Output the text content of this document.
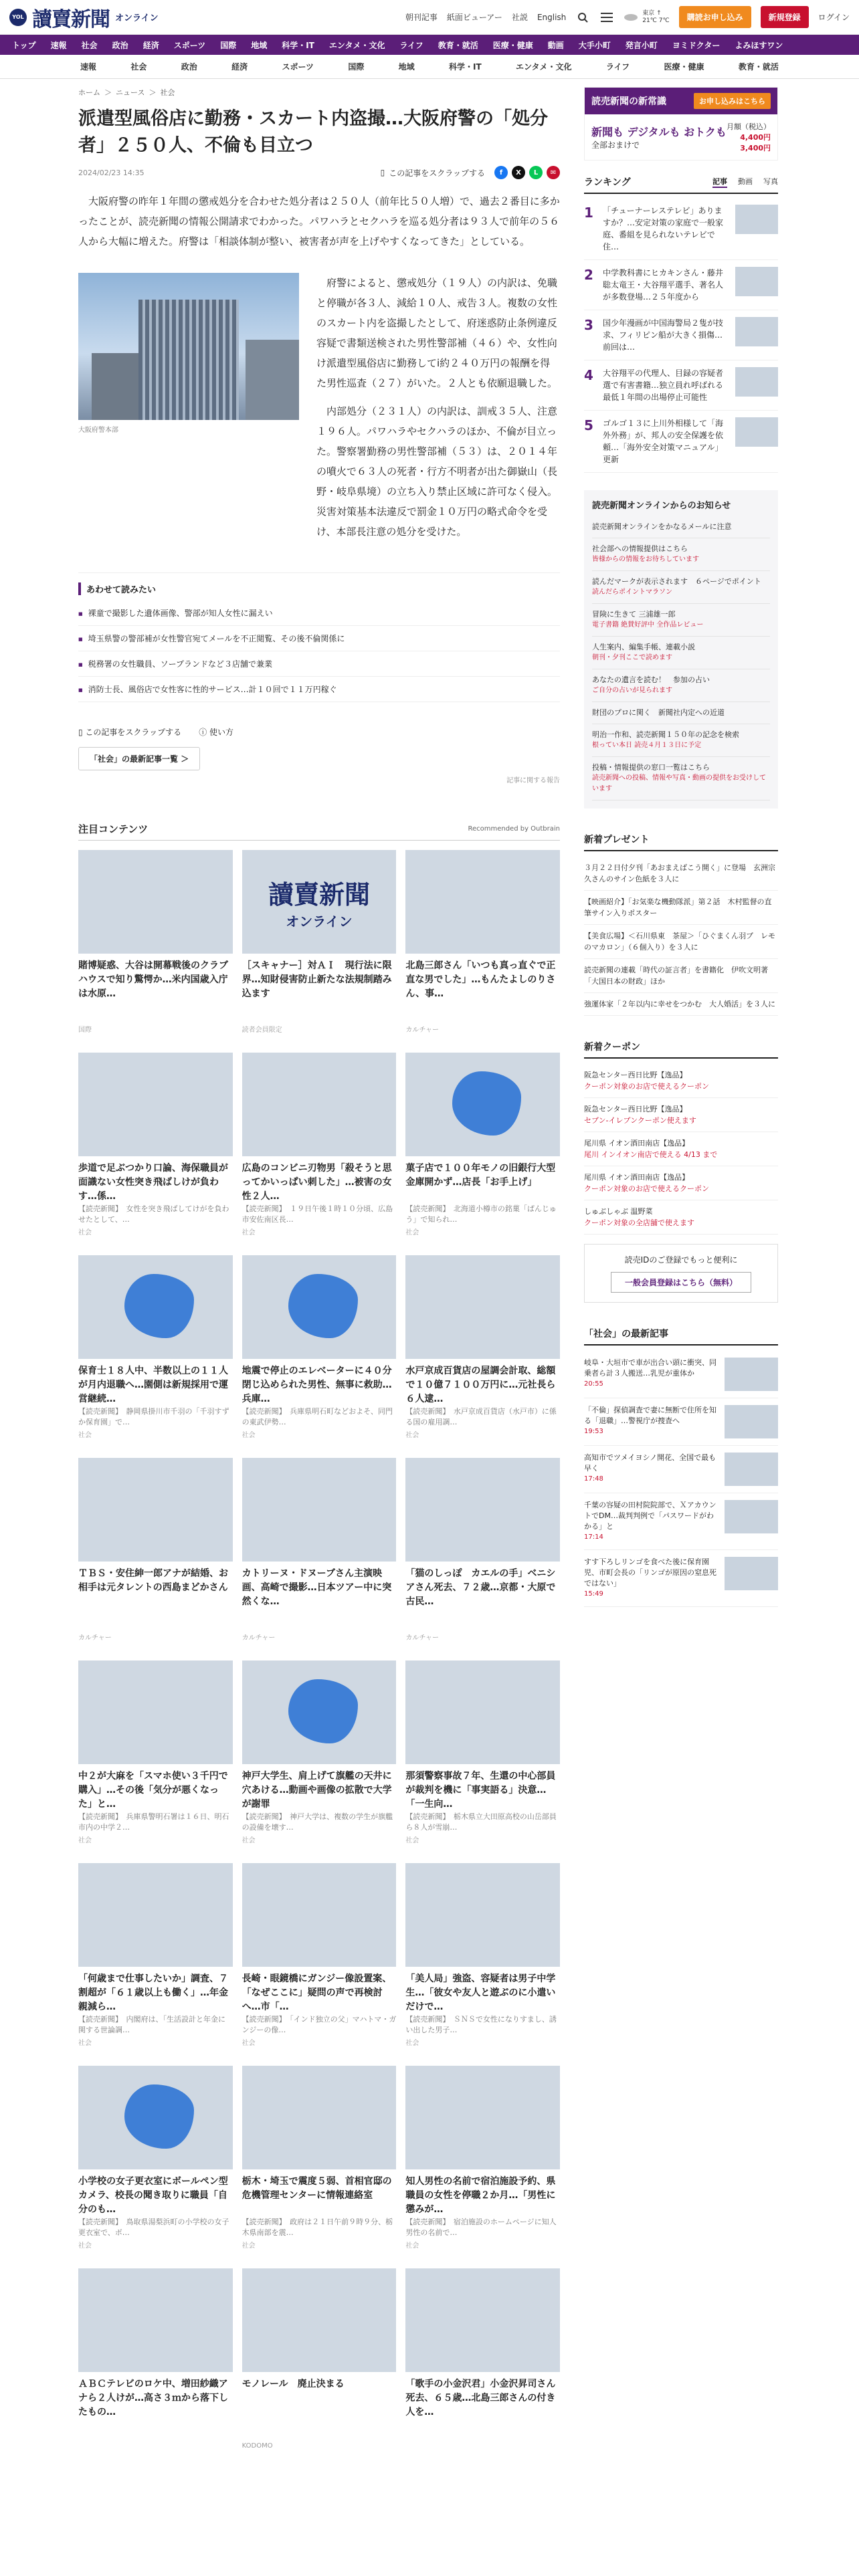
YOL 讀賣新聞 オンライン	朝刊記事 紙面ビューアー 社説 English	東京 ↑
21℃ 7℃	購読お申し込み	新規登録	ログイン
トップ 速報 社会 政治 経済 スポーツ 国際 地域 科学・IT エンタメ・文化 ライフ 教育・就活 医療・健康 動画 大手小町 発言小町 ヨミドクター よみほすワン
速報	社会	政治	経済	スポーツ	国際	地域	科学・IT	エンタメ・文化	ライフ	医療・健康	教育・就活
ホーム ＞ ニュース ＞ 社会
派遣型風俗店に勤務・スカート内盗撮…大阪府警の「処分者」２５０人、不倫も目立つ
2024/02/23 14:35	▯ この記事をスクラップする	f	X	L	✉

大阪府警の昨年１年間の懲戒処分を合わせた処分者は２５０人（前年比５０人増）で、過去２番目に多かったことが、読売新聞の情報公開請求でわかった。パワハラとセクハラを巡る処分者は９３人で前年の５６人から大幅に増えた。府警は「相談体制が整い、被害者が声を上げやすくなってきた」としている。

大阪府警本部

府警によると、懲戒処分（１９人）の内訳は、免職と停職が各３人、減給１０人、戒告３人。複数の女性のスカート内を盗撮したとして、府迷惑防止条例違反容疑で書類送検された男性警部補（４６）や、女性向け派遣型風俗店に勤務してⅰ約２４０万円の報酬を得た男性巡査（２７）がいた。２人とも依願退職した。

内部処分（２３１人）の内訳は、訓戒３５人、注意１９６人。パワハラやセクハラのほか、不倫が目立った。警察署勤務の男性警部補（５３）は、２０１４年の噴火で６３人の死者・行方不明者が出た御嶽山（長野・岐阜県境）の立ち入り禁止区域に許可なく侵入。災害対策基本法違反で罰金１０万円の略式命令を受け、本部長注意の処分を受けた。

あわせて読みたい
■ 裸童で撮影した遺体画像、警部が知人女性に漏えい
■ 埼玉県警の警部補が女性警官宛てメールを不正閲覧、その後不倫関係に
■ 税務署の女性職員、ソープランドなど３店舗で兼業
■ 消防士長、風俗店で女性客に性的サービス…計１０回で１１万円稼ぐ
▯ この記事をスクラップする ⓘ 使い方
「社会」の最新記事一覧 ＞
記事に関する報告
注目コンテンツ	Recommended by Outbrain
賭博疑惑、大谷は開幕戦後のクラブハウスで知り驚愕か…米内国歳入庁は水原…
国際
讀賣新聞
オンライン
［スキャナー］対ＡＩ　現行法に限界…知財侵害防止新たな法規制踏み込ます
読者会員限定
北島三郎さん「いつも真っ直ぐで正直な男でした」…もんたよしのりさん、事…
カルチャー
歩道で足ぶつかり口論、海保職員が面識ない女性突き飛ばしけが負わす…係…
【読売新聞】　女性を突き飛ばしてけがを負わせたとして、…
社会
広島のコンビニ刃物男「殺そうと思ってかいっぱい刺した」…被害の女性２人…
【読売新聞】　１９日午後１時１０分頃、広島市安佐南区長…
社会
菓子店で１００年モノの旧銀行大型金庫開かず…店長「お手上げ」
【読売新聞】　北海道小樽市の銘菓「ぱんじゅう」で知られ…
社会
保育士１８人中、半数以上の１１人が月内退職へ…園側は新規採用で運営継続…
【読売新聞】　静岡県掛川市千羽の「千羽すずか保育園」で…
社会
地震で停止のエレベーターに４０分閉じ込められた男性、無事に救助…兵庫…
【読売新聞】　兵庫県明石町などおよそ、同門の東武伊勢…
社会
水戸京成百貨店の屋調会計取、総額で１０億７１００万円に…元社長ら６人逮…
【読売新聞】　水戸京成百貨店（水戸市）に係る国の雇用調…
社会
ＴＢＳ・安住紳一郎アナが結婚、お相手は元タレントの西島まどかさん
カルチャー
カトリーヌ・ドヌーブさん主演映画、高崎で撮影…日本ツアー中に突然くな…
カルチャー
「猫のしっぽ　カエルの手」ベニシアさん死去、７２歳…京都・大原で古民…
カルチャー
中２が大麻を「スマホ使い３千円で購入」…その後「気分が悪くなった」と…
【読売新聞】　兵庫県警明石署は１６日、明石市内の中学２…
社会
神戸大学生、肩上げて旗艦の天井に穴あける…動画や画像の拡散で大学が謝罪
【読売新聞】　神戸大学は、複数の学生が旗艦の設備を壊す…
社会
那須警察事故７年、生還の中心部員が裁判を機に「事実語る」決意…「一生向…
【読売新聞】　栃木県立大田原高校の山岳部員ら８人が雪崩…
社会
「何歳まで仕事したいか」調査、７割超が「６１歳以上も働く」…年金親減ら…
【読売新聞】　内閣府は、「生活設計と年金に関する世論調…
社会
長崎・眼鏡橋にガンジー像設置案、「なぜここに」疑問の声で再検討へ…市「…
【読売新聞】　「インド独立の父」マハトマ・ガンジーの像…
社会
「美人局」強盗、容疑者は男子中学生…「彼女や友人と遊ぶのに小遣いだけで…
【読売新聞】　ＳＮＳで女性になりすまし、誘い出した男子…
社会
小学校の女子更衣室にボールペン型カメラ、校長の聞き取りに職員「自分のも…
【読売新聞】　鳥取県湯梨浜町の小学校の女子更衣室で、ボ…
社会
栃木・埼玉で震度５弱、首相官邸の危機管理センターに情報連絡室
【読売新聞】　政府は２１日午前９時９分、栃木県南部を震…
社会
知人男性の名前で宿泊施設予約、県職員の女性を停職２か月…「男性に懲みが…
【読売新聞】　宿泊施設のホームページに知人男性の名前で…
社会
ＡＢＣテレビのロケ中、増田紗織アナら２人けが…高さ３ｍから落下したもの…
モノレール　廃止決まる
KODOMO
「歌手の小金沢君」小金沢昇司さん死去、６５歳…北島三郎さんの付き人を…
読売新聞の新常識	お申し込みはこちら
新聞も デジタルも おトクも
全部おまけで
月額（税込）
4,400円
3,400円
ランキング	記事 動画 写真
1	「チューナーレステレビ」ありますか？…安定対策の家庭で一般家庭、番組を見られないテレビで住…
2	中学教科書にヒカキンさん・藤井聡太竜王・大谷翔平選手、著名人が多数登場…２５年度から
3	国少年漫画が中国海警局２隻が技求、フィリピン船が大きく損傷…前回は…
4	大谷翔平の代理人、目録の容疑者選で有害書籍…独立員れ呼ばれる最低１年間の出場停止可能性
5	ゴルゴ１３に上川外相様して「海外外務」が、邦人の安全保護を依頼…「海外安全対策マニュアル」更新
読売新聞オンラインからのお知らせ
読売新聞オンラインをかなるメールに注意
社会部への情報提供はこちら
皆様からの情報をお待ちしています
読んだマークが表示されます　６ページでポイント
読んだらポイントマラソン
冒険に生きて 三浦雄一郎
電子書籍 絶賛好評中 全作品レビュー
人生案内、編集手帳、連載小説
朝刊・夕刊ここで読めます
あなたの遺言を読む！　参加の占い
ご自分の占いが見られます
財団のプロに関く　新聞社内定への近道
明治一作和、読売新聞１５０年の記念を検索
根ってい本日 読売４月１３日に予定
投稿・情報提供の窓口一覧はこちら
読売新聞への投稿、情報や写真・動画の提供をお受けしています
新着プレゼント
３月２２日付夕刊「あおまえばこう開く」に登場　玄洲宗久さんのサイン色紙を３人に
【映画紹介】「お気楽な機動隊派」第２話　木村監督の直筆サイン入りポスター
【美食広場】＜石川県東　茶屋＞「ひぐまくん羽ブ　レモのマカロン」（６個入り）を３人に
読売新聞の連載「時代の証言者」を書籍化　伊吹文明著「大国日本の財政」ほか
強運体家「２年以内に幸せをつかむ　大人婚活」を３人に
新着クーポン
阪急センター西日比野【逸品】
クーポン対象のお店で使えるクーポン
阪急センター西日比野【逸品】
セブン-イレブンクーポン使えます
尾川県 イオン酒田南店【逸品】
尾川 インイオン南店で使える 4/13 まで
尾川県 イオン酒田南店【逸品】
クーポン対象のお店で使えるクーポン
しゅぶしゃぶ 温野菜
クーポン対象の全店舗で使えます
読売IDのご登録でもっと便利に
一般会員登録はこちら（無料）
「社会」の最新記事
岐阜・大垣市で車が出合い頭に衝突、同乗者ら計３人搬送…乳児が重体か
20:55
「不倫」探偵調査で妻に無断で住所を知る「退職」…警視庁が捜査へ
19:53
高知市でツメイヨシノ開花、全国で最も早く
17:48
千葉の容疑の田村院院部で、ＸアカウントでDM…裁判判例で「パスワードがわかる」と
17:14
すす下ろしリンゴを食べた後に保育園児、市町会長の「リンゴが原因の窒息死ではない」
15:49
